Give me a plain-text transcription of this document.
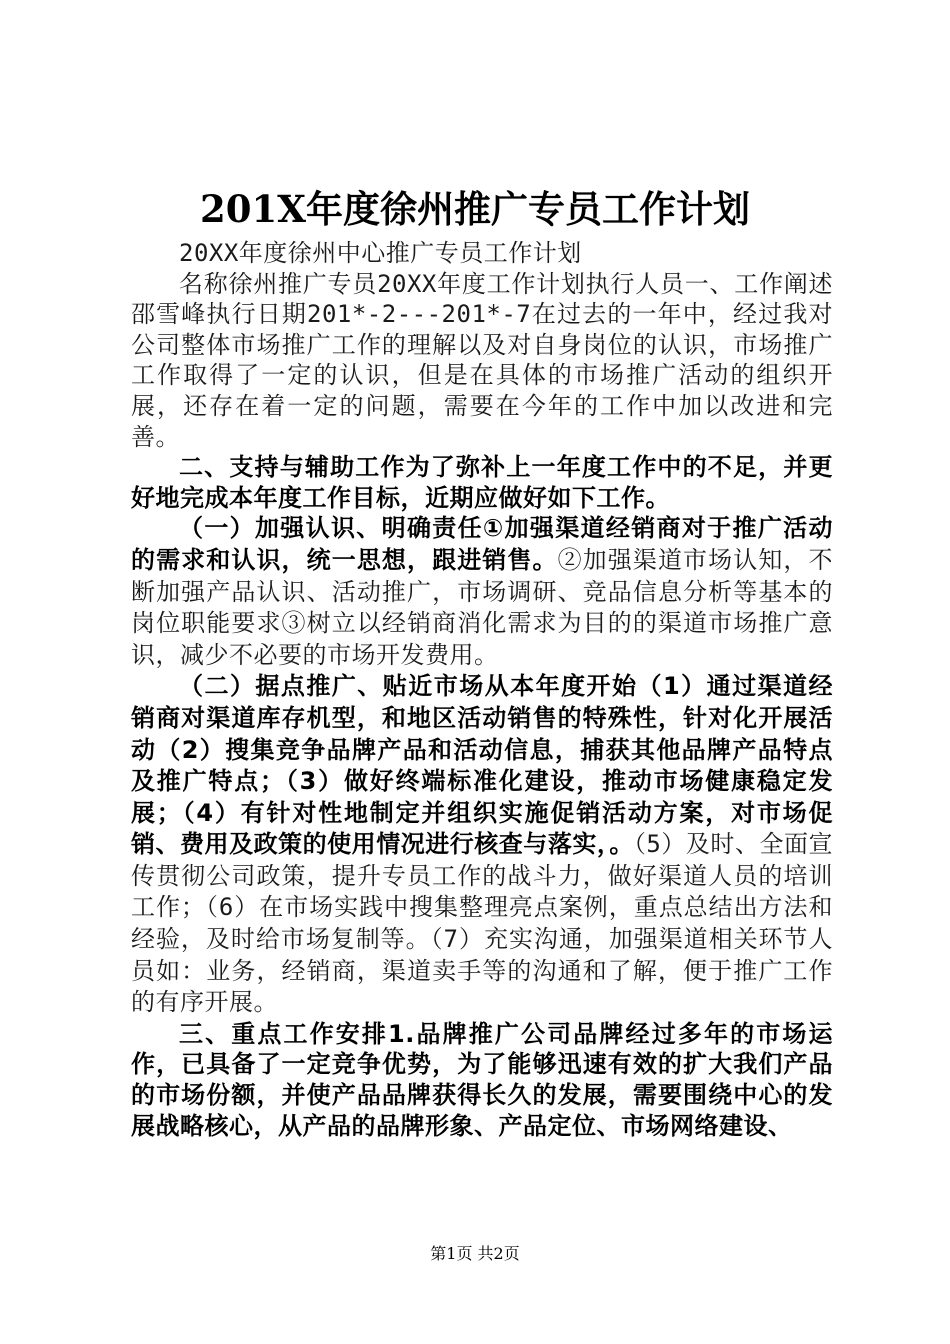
201X年度徐州推广专员工作计划

20XX年度徐州中心推广专员工作计划

名称徐州推广专员20XX年度工作计划执行人员一、工作阐述邵雪峰执行日期201*-2---201*-7在过去的一年中，经过我对公司整体市场推广工作的理解以及对自身岗位的认识，市场推广工作取得了一定的认识，但是在具体的市场推广活动的组织开展，还存在着一定的问题，需要在今年的工作中加以改进和完善。

二、支持与辅助工作为了弥补上一年度工作中的不足，并更好地完成本年度工作目标，近期应做好如下工作。

（一）加强认识、明确责任①加强渠道经销商对于推广活动的需求和认识，统一思想，跟进销售。②加强渠道市场认知，不断加强产品认识、活动推广，市场调研、竞品信息分析等基本的岗位职能要求③树立以经销商消化需求为目的的渠道市场推广意识，减少不必要的市场开发费用。

（二）据点推广、贴近市场从本年度开始（1）通过渠道经销商对渠道库存机型，和地区活动销售的特殊性，针对化开展活动（2）搜集竞争品牌产品和活动信息，捕获其他品牌产品特点及推广特点；（3）做好终端标准化建设，推动市场健康稳定发展；（4）有针对性地制定并组织实施促销活动方案，对市场促销、费用及政策的使用情况进行核查与落实，。（5）及时、全面宣传贯彻公司政策，提升专员工作的战斗力，做好渠道人员的培训工作；（6）在市场实践中搜集整理亮点案例，重点总结出方法和经验，及时给市场复制等。（7）充实沟通，加强渠道相关环节人员如：业务，经销商，渠道卖手等的沟通和了解，便于推广工作的有序开展。

三、重点工作安排1.品牌推广公司品牌经过多年的市场运作，已具备了一定竞争优势，为了能够迅速有效的扩大我们产品的市场份额，并使产品品牌获得长久的发展，需要围绕中心的发展战略核心，从产品的品牌形象、产品定位、市场网络建设、

第1页 共2页
